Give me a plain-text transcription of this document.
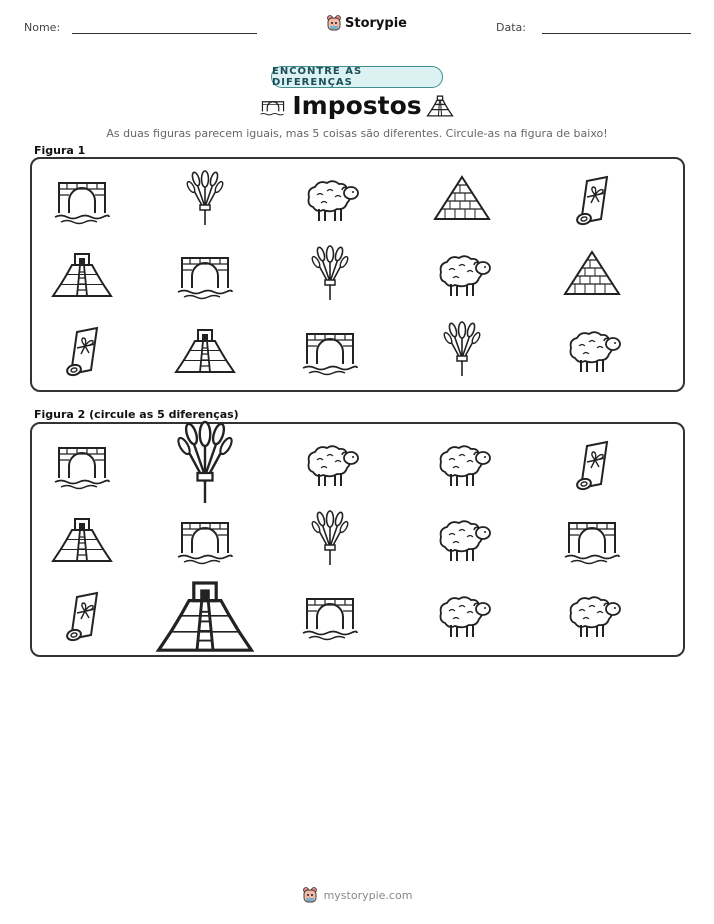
Nome:	Storypie	Data:
ENCONTRE AS DIFERENÇAS
Impostos
As duas figuras parecem iguais, mas 5 coisas são diferentes. Circule-as na figura de baixo!
Figura 1
Figura 2 (circule as 5 diferenças)
mystorypie.com
